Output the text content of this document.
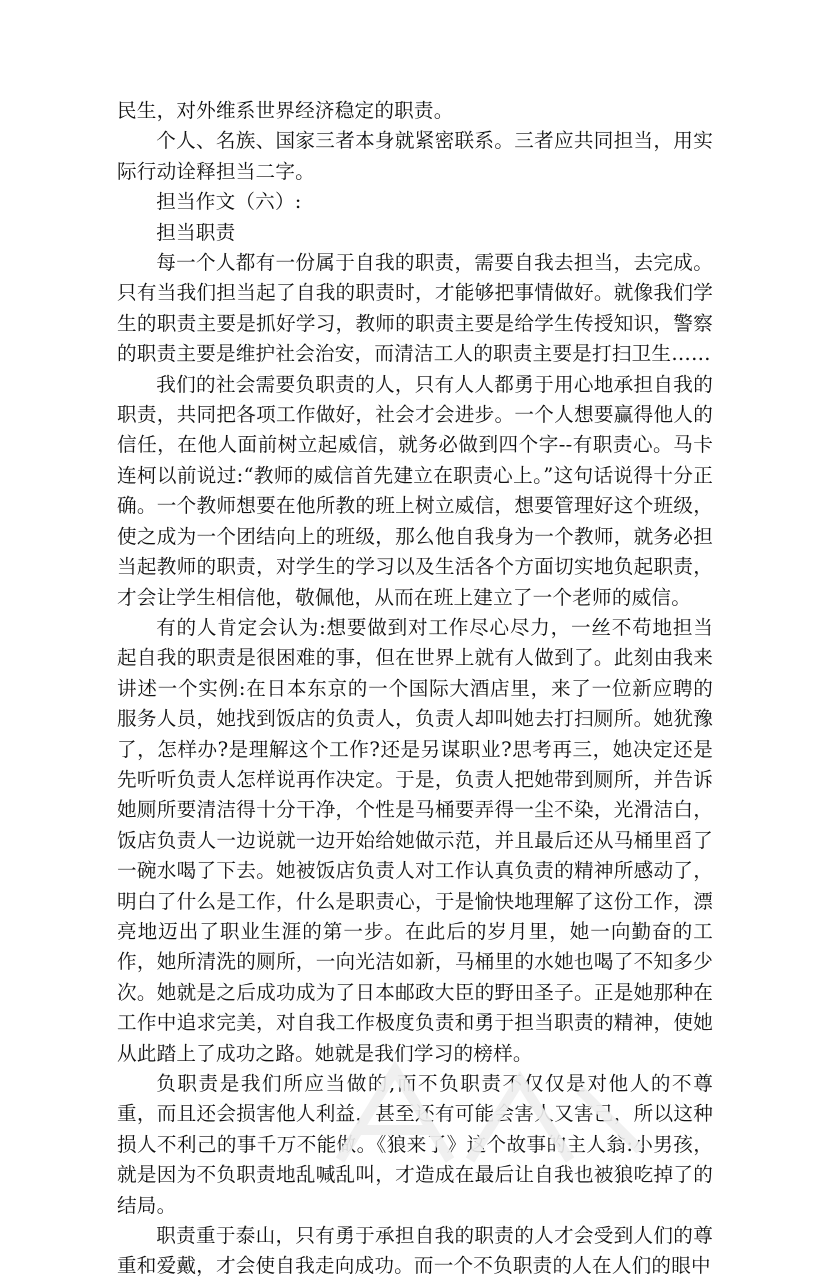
民生，对外维系世界经济稳定的职责。

个人、名族、国家三者本身就紧密联系。三者应共同担当，用实际行动诠释担当二字。

担当作文（六）:

担当职责

每一个人都有一份属于自我的职责，需要自我去担当，去完成。只有当我们担当起了自我的职责时，才能够把事情做好。就像我们学生的职责主要是抓好学习，教师的职责主要是给学生传授知识，警察的职责主要是维护社会治安，而清洁工人的职责主要是打扫卫生……

我们的社会需要负职责的人，只有人人都勇于用心地承担自我的职责，共同把各项工作做好，社会才会进步。一个人想要赢得他人的信任，在他人面前树立起威信，就务必做到四个字--有职责心。马卡连柯以前说过:“教师的威信首先建立在职责心上。”这句话说得十分正确。一个教师想要在他所教的班上树立威信，想要管理好这个班级，使之成为一个团结向上的班级，那么他自我身为一个教师，就务必担当起教师的职责，对学生的学习以及生活各个方面切实地负起职责，才会让学生相信他，敬佩他，从而在班上建立了一个老师的威信。

有的人肯定会认为:想要做到对工作尽心尽力，一丝不苟地担当起自我的职责是很困难的事，但在世界上就有人做到了。此刻由我来讲述一个实例:在日本东京的一个国际大酒店里，来了一位新应聘的服务人员，她找到饭店的负责人，负责人却叫她去打扫厕所。她犹豫了，怎样办?是理解这个工作?还是另谋职业?思考再三，她决定还是先听听负责人怎样说再作决定。于是，负责人把她带到厕所，并告诉她厕所要清洁得十分干净，个性是马桶要弄得一尘不染，光滑洁白，饭店负责人一边说就一边开始给她做示范，并且最后还从马桶里舀了一碗水喝了下去。她被饭店负责人对工作认真负责的精神所感动了，明白了什么是工作，什么是职责心，于是愉快地理解了这份工作，漂亮地迈出了职业生涯的第一步。在此后的岁月里，她一向勤奋的工作，她所清洗的厕所，一向光洁如新，马桶里的水她也喝了不知多少次。她就是之后成功成为了日本邮政大臣的野田圣子。正是她那种在工作中追求完美，对自我工作极度负责和勇于担当职责的精神，使她从此踏上了成功之路。她就是我们学习的榜样。

负职责是我们所应当做的,而不负职责不仅仅是对他人的不尊重，而且还会损害他人利益，甚至还有可能会害人又害己，所以这种损人不利己的事千万不能做。《狼来了》这个故事的主人翁:小男孩，就是因为不负职责地乱喊乱叫，才造成在最后让自我也被狼吃掉了的结局。

职责重于泰山，只有勇于承担自我的职责的人才会受到人们的尊重和爱戴，才会使自我走向成功。而一个不负职责的人在人们的眼中
